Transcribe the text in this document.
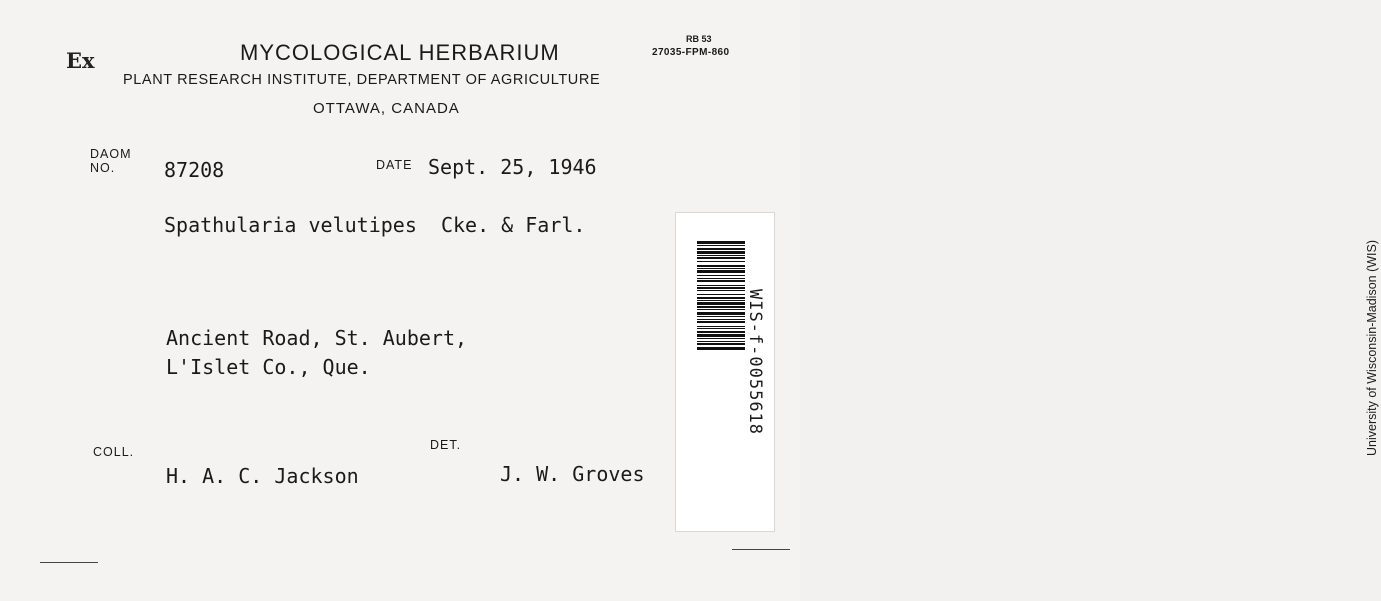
Ex	MYCOLOGICAL HERBARIUM
PLANT RESEARCH INSTITUTE, DEPARTMENT OF AGRICULTURE
OTTAWA, CANADA
RB 53
27035-FPM-860
DAOM
NO.	87208	DATE Sept. 25, 1946
Spathularia velutipes  Cke. & Farl.
Ancient Road, St. Aubert,
L'Islet Co., Que.
COLL.
H. A. C. Jackson
DET.
J. W. Groves
University of Wisconsin-Madison (WIS)
WIS-f-0055618
